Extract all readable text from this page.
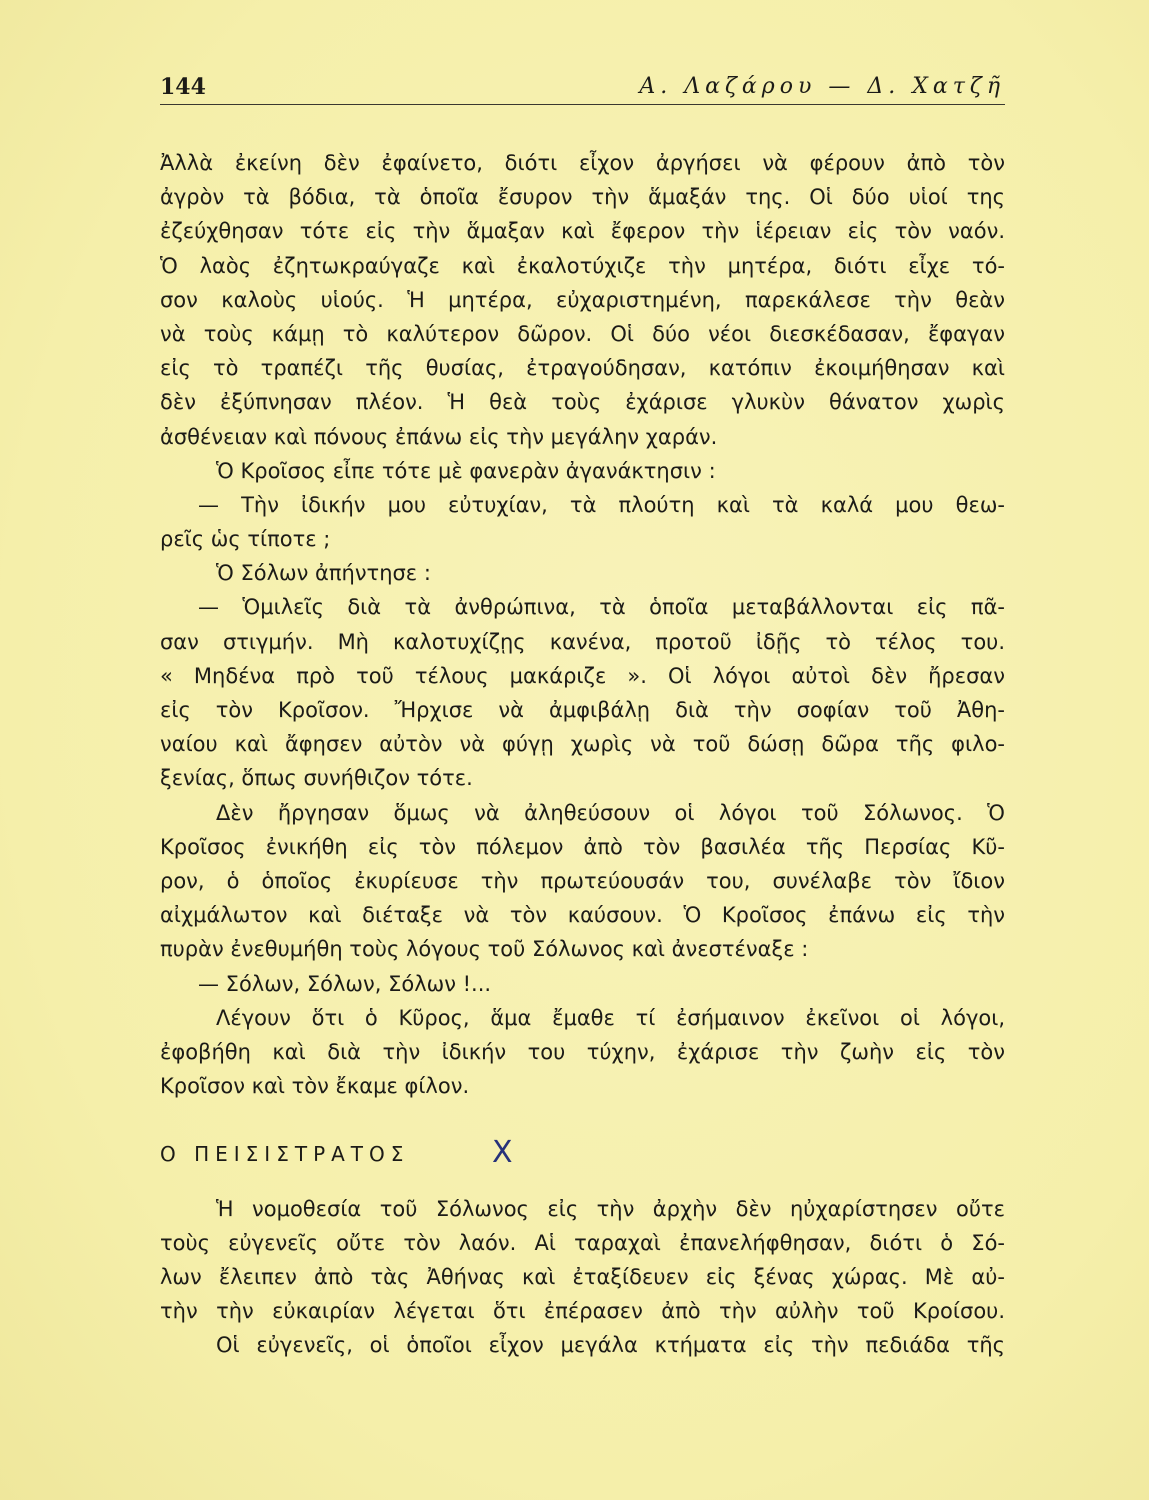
144	Α. Λαζάρου — Δ. Χατζῆ
Ἀλλὰ ἐκείνη δὲν ἐφαίνετο, διότι εἶχον ἀργήσει νὰ φέρουν ἀπὸ τὸν
ἀγρὸν τὰ βόδια, τὰ ὁποῖα ἔσυρον τὴν ἅμαξάν της. Οἱ δύο υἱοί της
ἐζεύχθησαν τότε εἰς τὴν ἅμαξαν καὶ ἔφερον τὴν ἱέρειαν εἰς τὸν ναόν.
Ὁ λαὸς ἐζητωκραύγαζε καὶ ἐκαλοτύχιζε τὴν μητέρα, διότι εἶχε τό-
σον καλοὺς υἱούς. Ἡ μητέρα, εὐχαριστημένη, παρεκάλεσε τὴν θεὰν
νὰ τοὺς κάμῃ τὸ καλύτερον δῶρον. Οἱ δύο νέοι διεσκέδασαν, ἔφαγαν
εἰς τὸ τραπέζι τῆς θυσίας, ἐτραγούδησαν, κατόπιν ἐκοιμήθησαν καὶ
δὲν ἐξύπνησαν πλέον. Ἡ θεὰ τοὺς ἐχάρισε γλυκὺν θάνατον χωρὶς
ἀσθένειαν καὶ πόνους ἐπάνω εἰς τὴν μεγάλην χαράν.
Ὁ Κροῖσος εἶπε τότε μὲ φανερὰν ἀγανάκτησιν :
— Τὴν ἰδικήν μου εὐτυχίαν, τὰ πλούτη καὶ τὰ καλά μου θεω-
ρεῖς ὡς τίποτε ;
Ὁ Σόλων ἀπήντησε :
— Ὁμιλεῖς διὰ τὰ ἀνθρώπινα, τὰ ὁποῖα μεταβάλλονται εἰς πᾶ-
σαν στιγμήν. Μὴ καλοτυχίζῃς κανένα, προτοῦ ἰδῇς τὸ τέλος του.
« Μηδένα πρὸ τοῦ τέλους μακάριζε ». Οἱ λόγοι αὐτοὶ δὲν ἤρεσαν
εἰς τὸν Κροῖσον. Ἤρχισε νὰ ἀμφιβάλῃ διὰ τὴν σοφίαν τοῦ Ἀθη-
ναίου καὶ ἄφησεν αὐτὸν νὰ φύγῃ χωρὶς νὰ τοῦ δώσῃ δῶρα τῆς φιλο-
ξενίας, ὅπως συνήθιζον τότε.
Δὲν ἤργησαν ὅμως νὰ ἀληθεύσουν οἱ λόγοι τοῦ Σόλωνος. Ὁ
Κροῖσος ἐνικήθη εἰς τὸν πόλεμον ἀπὸ τὸν βασιλέα τῆς Περσίας Κῦ-
ρον, ὁ ὁποῖος ἐκυρίευσε τὴν πρωτεύουσάν του, συνέλαβε τὸν ἴδιον
αἰχμάλωτον καὶ διέταξε νὰ τὸν καύσουν. Ὁ Κροῖσος ἐπάνω εἰς τὴν
πυρὰν ἐνεθυμήθη τοὺς λόγους τοῦ Σόλωνος καὶ ἀνεστέναξε :
— Σόλων, Σόλων, Σόλων !...
Λέγουν ὅτι ὁ Κῦρος, ἅμα ἔμαθε τί ἐσήμαινον ἐκεῖνοι οἱ λόγοι,
ἐφοβήθη καὶ διὰ τὴν ἰδικήν του τύχην, ἐχάρισε τὴν ζωὴν εἰς τὸν
Κροῖσον καὶ τὸν ἔκαμε φίλον.
Ο ΠΕΙΣΙΣΤΡΑΤΟΣ	X
Ἡ νομοθεσία τοῦ Σόλωνος εἰς τὴν ἀρχὴν δὲν ηὐχαρίστησεν οὔτε
τοὺς εὐγενεῖς οὔτε τὸν λαόν. Αἱ ταραχαὶ ἐπανελήφθησαν, διότι ὁ Σό-
λων ἔλειπεν ἀπὸ τὰς Ἀθήνας καὶ ἐταξίδευεν εἰς ξένας χώρας. Μὲ αὐ-
τὴν τὴν εὐκαιρίαν λέγεται ὅτι ἐπέρασεν ἀπὸ τὴν αὐλὴν τοῦ Κροίσου.
Οἱ εὐγενεῖς, οἱ ὁποῖοι εἶχον μεγάλα κτήματα εἰς τὴν πεδιάδα τῆς
